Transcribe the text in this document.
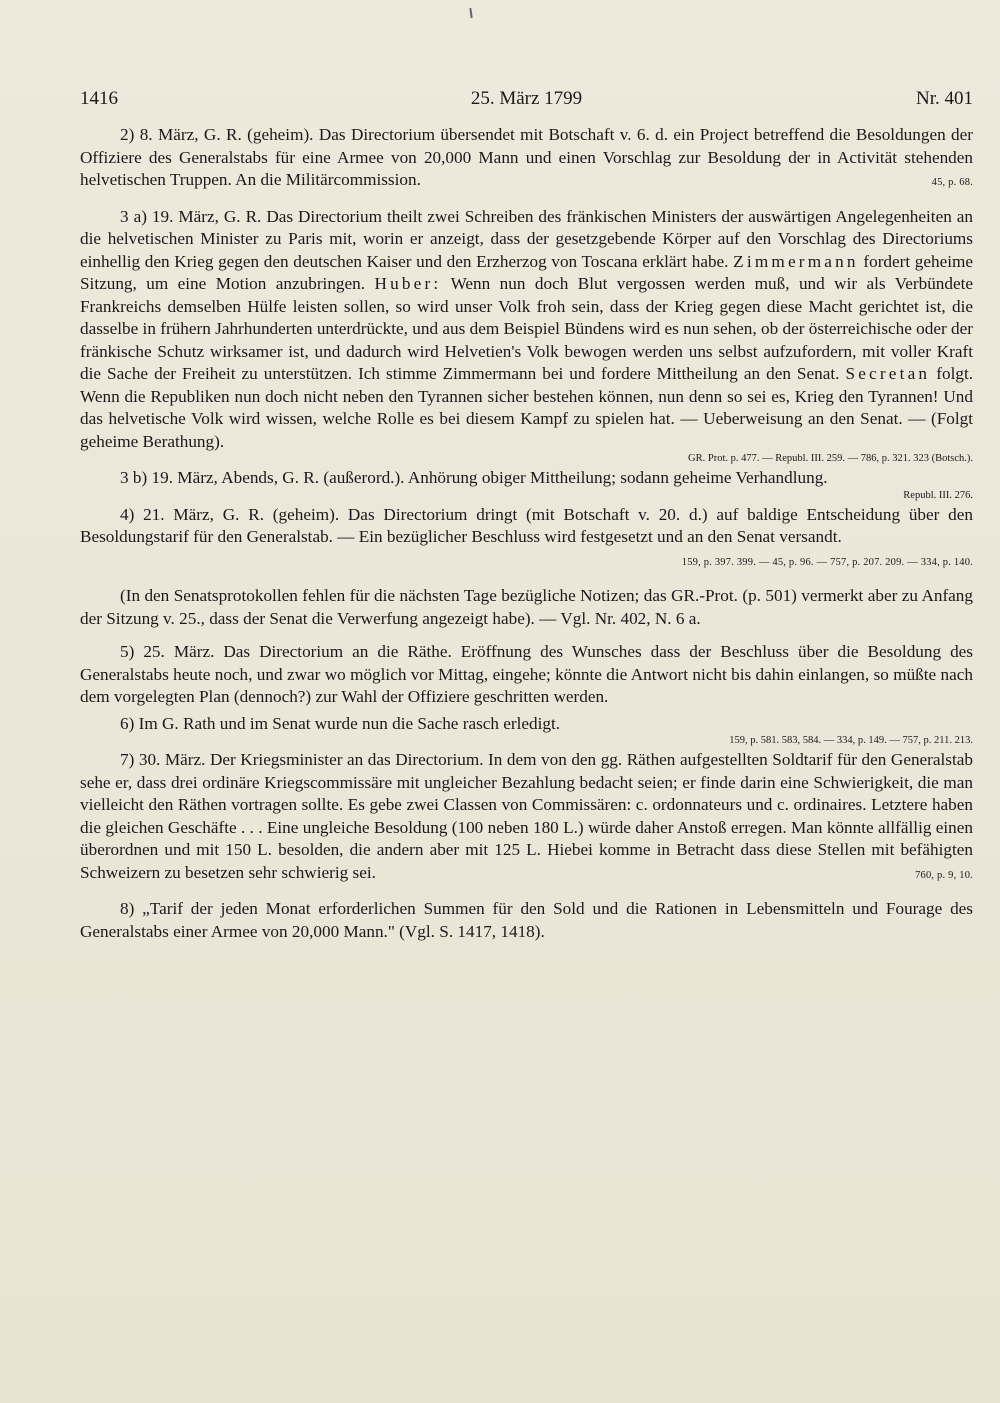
25. März 1799
1416	Nr. 401

2) 8. März, G. R. (geheim). Das Directorium übersendet mit Botschaft v. 6. d. ein Project betreffend die Besoldungen der Offiziere des Generalstabs für eine Armee von 20,000 Mann und einen Vorschlag zur Besoldung der in Activität stehenden helvetischen Truppen. An die Militärcommission.	45, p. 68.

3 a) 19. März, G. R. Das Directorium theilt zwei Schreiben des fränkischen Ministers der auswärtigen Angelegenheiten an die helvetischen Minister zu Paris mit, worin er anzeigt, dass der gesetzgebende Körper auf den Vorschlag des Directoriums einhellig den Krieg gegen den deutschen Kaiser und den Erzherzog von Toscana erklärt habe. Zimmermann fordert geheime Sitzung, um eine Motion anzubringen. Huber: Wenn nun doch Blut vergossen werden muß, und wir als Verbündete Frankreichs demselben Hülfe leisten sollen, so wird unser Volk froh sein, dass der Krieg gegen diese Macht gerichtet ist, die dasselbe in frühern Jahrhunderten unterdrückte, und aus dem Beispiel Bündens wird es nun sehen, ob der österreichische oder der fränkische Schutz wirksamer ist, und dadurch wird Helvetien's Volk bewogen werden uns selbst aufzufordern, mit voller Kraft die Sache der Freiheit zu unterstützen. Ich stimme Zimmermann bei und fordere Mittheilung an den Senat. Secretan folgt. Wenn die Republiken nun doch nicht neben den Tyrannen sicher bestehen können, nun denn so sei es, Krieg den Tyrannen! Und das helvetische Volk wird wissen, welche Rolle es bei diesem Kampf zu spielen hat. — Ueberweisung an den Senat. — (Folgt geheime Berathung).

GR. Prot. p. 477. — Republ. III. 259. — 786, p. 321. 323 (Botsch.).

3 b) 19. März, Abends, G. R. (außerord.). Anhörung obiger Mittheilung; sodann geheime Verhandlung.

Republ. III. 276.

4) 21. März, G. R. (geheim). Das Directorium dringt (mit Botschaft v. 20. d.) auf baldige Entscheidung über den Besoldungstarif für den Generalstab. — Ein bezüglicher Beschluss wird festgesetzt und an den Senat versandt.
159, p. 397. 399. — 45, p. 96. — 757, p. 207. 209. — 334, p. 140.

(In den Senatsprotokollen fehlen für die nächsten Tage bezügliche Notizen; das GR.-Prot. (p. 501) vermerkt aber zu Anfang der Sitzung v. 25., dass der Senat die Verwerfung angezeigt habe). — Vgl. Nr. 402, N. 6 a.

5) 25. März. Das Directorium an die Räthe. Eröffnung des Wunsches dass der Beschluss über die Besoldung des Generalstabs heute noch, und zwar wo möglich vor Mittag, eingehe; könnte die Antwort nicht bis dahin einlangen, so müßte nach dem vorgelegten Plan (dennoch?) zur Wahl der Offiziere geschritten werden.

6) Im G. Rath und im Senat wurde nun die Sache rasch erledigt.

159, p. 581. 583, 584. — 334, p. 149. — 757, p. 211. 213.

7) 30. März. Der Kriegsminister an das Directorium. In dem von den gg. Räthen aufgestellten Soldtarif für den Generalstab sehe er, dass drei ordinäre Kriegscommissäre mit ungleicher Bezahlung bedacht seien; er finde darin eine Schwierigkeit, die man vielleicht den Räthen vortragen sollte. Es gebe zwei Classen von Commissären: c. ordonnateurs und c. ordinaires. Letztere haben die gleichen Geschäfte . . . Eine ungleiche Besoldung (100 neben 180 L.) würde daher Anstoß erregen. Man könnte allfällig einen überordnen und mit 150 L. besolden, die andern aber mit 125 L. Hiebei komme in Betracht dass diese Stellen mit befähigten Schweizern zu besetzen sehr schwierig sei.	760, p. 9, 10.

8) „Tarif der jeden Monat erforderlichen Summen für den Sold und die Rationen in Lebensmitteln und Fourage des Generalstabs einer Armee von 20,000 Mann." (Vgl. S. 1417, 1418).
